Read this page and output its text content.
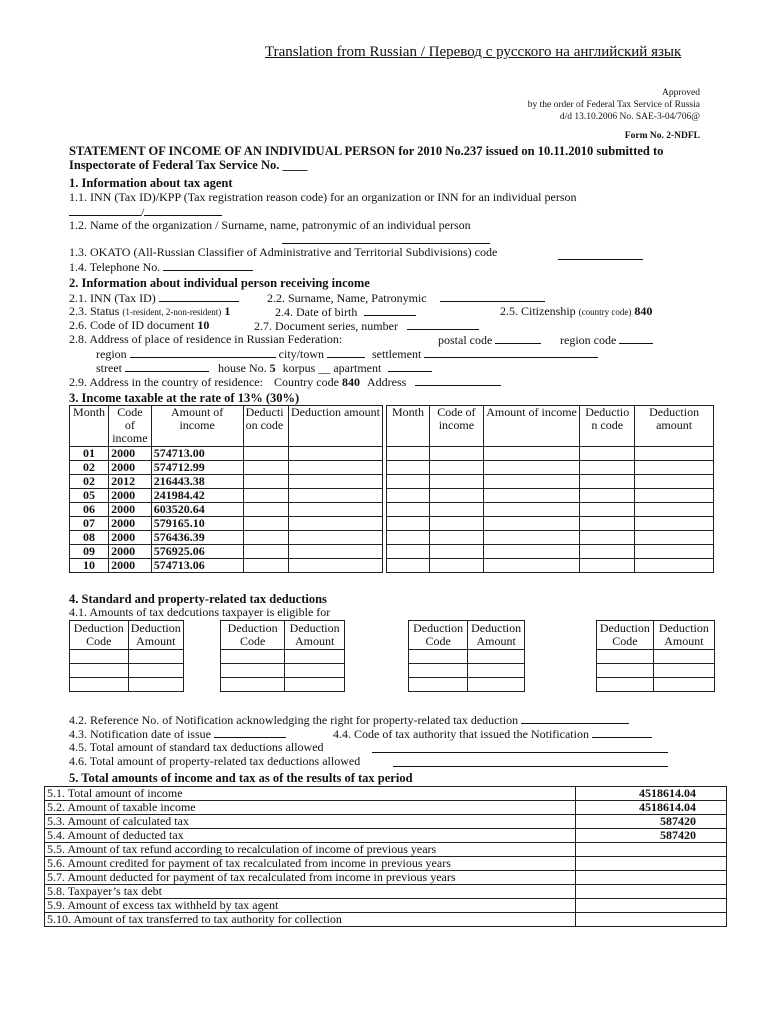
Translation from Russian / Перевод с русского на английский язык
Approved
by the order of Federal Tax Service of Russia
d/d 13.10.2006 No. SAE-3-04/706@
Form No. 2-NDFL
STATEMENT OF INCOME OF AN INDIVIDUAL PERSON for 2010 No.237 issued on 10.11.2010 submitted to
Inspectorate of Federal Tax Service No. ____
1. Information about tax agent
1.1. INN (Tax ID)/KPP (Tax registration reason code) for an organization or INN for an individual person
/
1.2. Name of the organization / Surname, name, patronymic of an individual person
1.3. OKATO (All-Russian Classifier of Administrative and Territorial Subdivisions) code
1.4. Telephone No.
2. Information about individual person receiving income
2.1. INN (Tax ID)	2.2. Surname, Name, Patronymic
2.3. Status (1-resident, 2-non-resident) 1	2.4. Date of birth	2.5. Citizenship (country code) 840
2.6. Code of ID document 10	2.7. Document series, number
2.8. Address of place of residence in Russian Federation:	postal code	region code
region	city/town	settlement
street	house No. 5 korpus __ apartment
2.9. Address in the country of residence: Country code 840 Address
3. Income taxable at the rate of 13% (30%)
Month	Code of income	Amount of income	Deducti on code	Deduction amount
01	2000	574713.00		
02	2000	574712.99		
02	2012	216443.38		
05	2000	241984.42		
06	2000	603520.64		
07	2000	579165.10		
08	2000	576436.39		
09	2000	576925.06		
10	2000	574713.06		
Month	Code of income	Amount of income	Deductio n code	Deduction amount

4. Standard and property-related tax deductions
4.1. Amounts of tax dedcutions taxpayer is eligible for
Deduction Code	Deduction Amount

Deduction Code	Deduction Amount

Deduction Code	Deduction Amount

Deduction Code	Deduction Amount

4.2. Reference No. of Notification acknowledging the right for property-related tax deduction
4.3. Notification date of issue	4.4. Code of tax authority that issued the Notification
4.5. Total amount of standard tax deductions allowed
4.6. Total amount of property-related tax deductions allowed
5. Total amounts of income and tax as of the results of tax period
5.1. Total amount of income	4518614.04
5.2. Amount of taxable income	4518614.04
5.3. Amount of calculated tax	587420
5.4. Amount of deducted tax	587420
5.5. Amount of tax refund according to recalculation of income of previous years	
5.6. Amount credited for payment of tax recalculated from income in previous years	
5.7. Amount deducted for payment of tax recalculated from income in previous years	
5.8. Taxpayer’s tax debt	
5.9. Amount of excess tax withheld by tax agent	
5.10. Amount of tax transferred to tax authority for collection	
